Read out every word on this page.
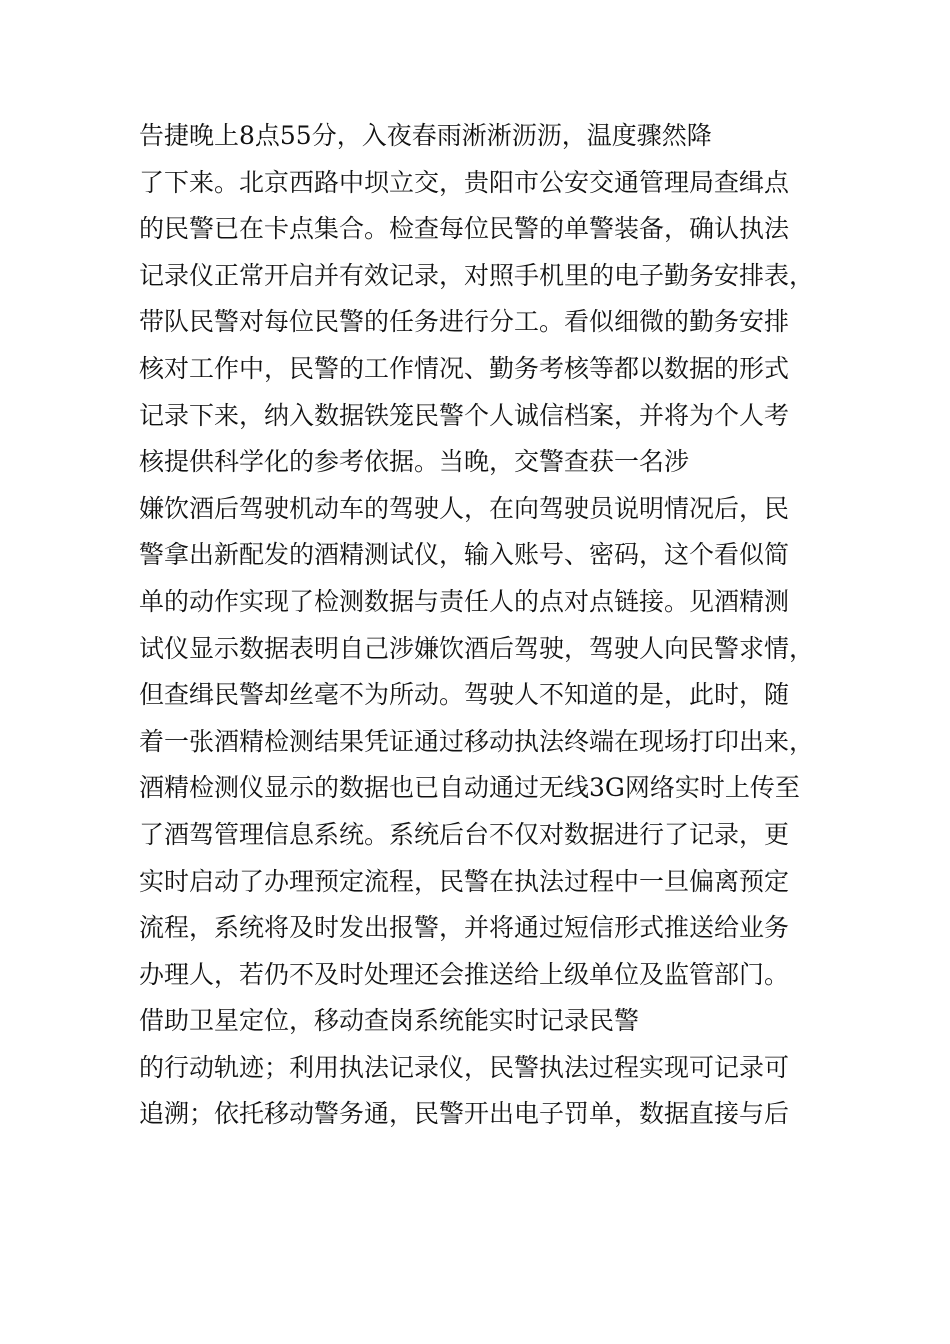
告捷晚上8点55分，入夜春雨淅淅沥沥，温度骤然降
了下来。北京西路中坝立交，贵阳市公安交通管理局查缉点
的民警已在卡点集合。检查每位民警的单警装备，确认执法
记录仪正常开启并有效记录，对照手机里的电子勤务安排表，
带队民警对每位民警的任务进行分工。看似细微的勤务安排
核对工作中，民警的工作情况、勤务考核等都以数据的形式
记录下来，纳入数据铁笼民警个人诚信档案，并将为个人考
核提供科学化的参考依据。当晚，交警查获一名涉
嫌饮酒后驾驶机动车的驾驶人，在向驾驶员说明情况后，民
警拿出新配发的酒精测试仪，输入账号、密码，这个看似简
单的动作实现了检测数据与责任人的点对点链接。见酒精测
试仪显示数据表明自己涉嫌饮酒后驾驶，驾驶人向民警求情，
但查缉民警却丝毫不为所动。驾驶人不知道的是，此时，随
着一张酒精检测结果凭证通过移动执法终端在现场打印出来，
酒精检测仪显示的数据也已自动通过无线3G网络实时上传至
了酒驾管理信息系统。系统后台不仅对数据进行了记录，更
实时启动了办理预定流程，民警在执法过程中一旦偏离预定
流程，系统将及时发出报警，并将通过短信形式推送给业务
办理人，若仍不及时处理还会推送给上级单位及监管部门。
借助卫星定位，移动查岗系统能实时记录民警
的行动轨迹；利用执法记录仪，民警执法过程实现可记录可
追溯；依托移动警务通，民警开出电子罚单，数据直接与后
